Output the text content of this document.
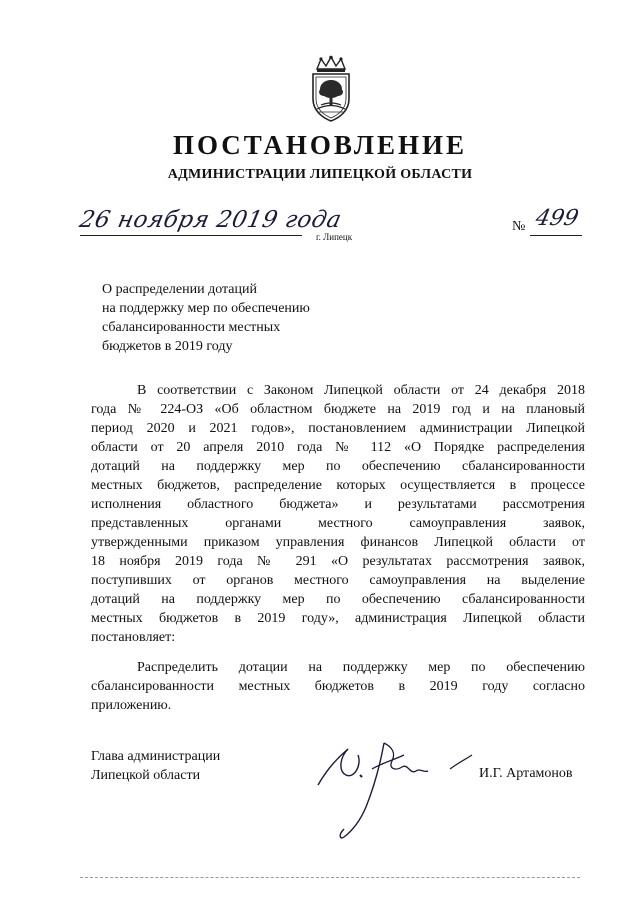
ПОСТАНОВЛЕНИЕ
АДМИНИСТРАЦИИ ЛИПЕЦКОЙ ОБЛАСТИ
26 ноября 2019 года
г. Липецк
№ 499
О распределении дотаций
на поддержку мер по обеспечению
сбалансированности местных
бюджетов в 2019 году
В соответствии с Законом Липецкой области от 24 декабря 2018
года № 224-ОЗ «Об областном бюджете на 2019 год и на плановый
период 2020 и 2021 годов», постановлением администрации Липецкой
области от 20 апреля 2010 года № 112 «О Порядке распределения
дотаций на поддержку мер по обеспечению сбалансированности
местных бюджетов, распределение которых осуществляется в процессе
исполнения областного бюджета» и результатами рассмотрения
представленных органами местного самоуправления заявок,
утвержденными приказом управления финансов Липецкой области от
18 ноября 2019 года № 291 «О результатах рассмотрения заявок,
поступивших от органов местного самоуправления на выделение
дотаций на поддержку мер по обеспечению сбалансированности
местных бюджетов в 2019 году», администрация Липецкой области
постановляет:
Распределить дотации на поддержку мер по обеспечению
сбалансированности местных бюджетов в 2019 году согласно
приложению.
Глава администрации
Липецкой области	И.Г. Артамонов
